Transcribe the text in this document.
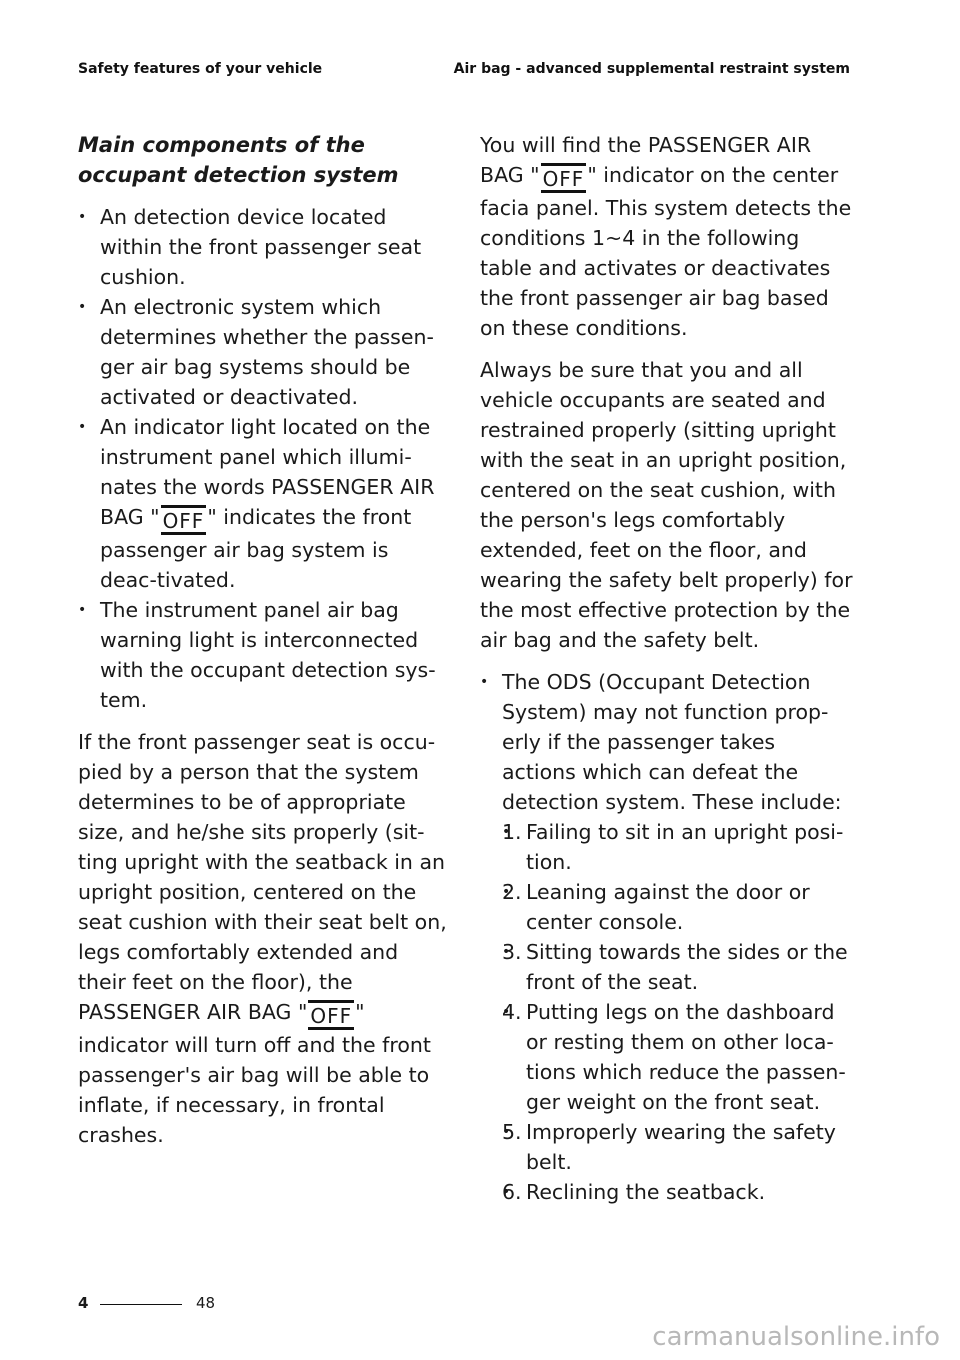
Safety features of your vehicle	Air bag - advanced supplemental restraint system
Main components of the occupant detection system
• An detection device located within the front passenger seat cushion.
• An electronic system which determines whether the passen-ger air bag systems should be activated or deactivated.
• An indicator light located on the instrument panel which illumi-nates the words PASSENGER AIR BAG " OFF " indicates the front passenger air bag system is deac-tivated.
• The instrument panel air bag warning light is interconnected with the occupant detection sys-tem.

If the front passenger seat is occu-pied by a person that the system determines to be of appropriate size, and he/she sits properly (sit-ting upright with the seatback in an upright position, centered on the seat cushion with their seat belt on, legs comfortably extended and their feet on the floor), the PASSENGER AIR BAG " OFF " indicator will turn off and the front passenger's air bag will be able to inflate, if necessary, in frontal crashes.

You will find the PASSENGER AIR BAG " OFF " indicator on the center facia panel. This system detects the conditions 1~4 in the following table and activates or deactivates the front passenger air bag based on these conditions.

Always be sure that you and all vehicle occupants are seated and restrained properly (sitting upright with the seat in an upright position, centered on the seat cushion, with the person's legs comfortably extended, feet on the floor, and wearing the safety belt properly) for the most effective protection by the air bag and the safety belt.

• The ODS (Occupant Detection System) may not function prop-erly if the passenger takes actions which can defeat the detection system. These include:
• 1. Failing to sit in an upright posi-tion.
• 2. Leaning against the door or center console.
• 3. Sitting towards the sides or the front of the seat.
• 4. Putting legs on the dashboard or resting them on other loca-tions which reduce the passen-ger weight on the front seat.
• 5. Improperly wearing the safety belt.
• 6. Reclining the seatback.
4	48
carmanualsonline.info
